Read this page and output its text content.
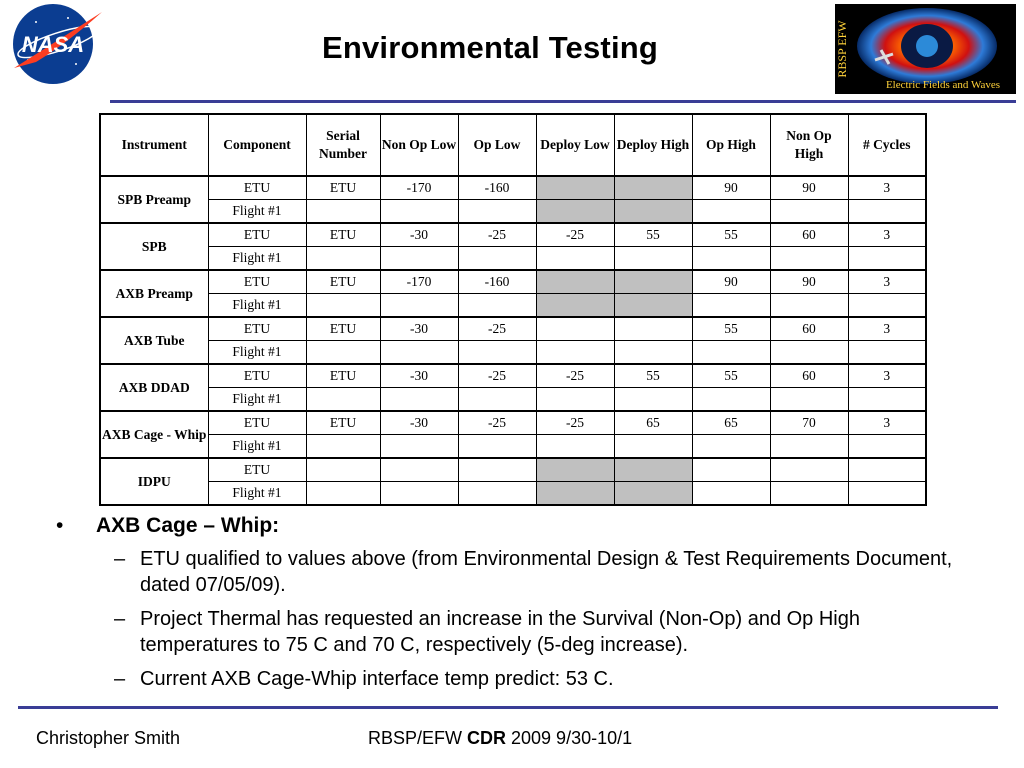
NASA	RBSP EFW
Electric Fields and Waves
Environmental Testing
Instrument	Component	Serial Number	Non Op Low	Op Low	Deploy Low	Deploy High	Op High	Non Op High	# Cycles
SPB Preamp	ETU	ETU	-170	-160			90	90	3
	Flight #1								
SPB	ETU	ETU	-30	-25	-25	55	55	60	3
	Flight #1								
AXB Preamp	ETU	ETU	-170	-160			90	90	3
	Flight #1								
AXB Tube	ETU	ETU	-30	-25			55	60	3
	Flight #1								
AXB DDAD	ETU	ETU	-30	-25	-25	55	55	60	3
	Flight #1								
AXB Cage - Whip	ETU	ETU	-30	-25	-25	65	65	70	3
	Flight #1								
IDPU	ETU								
	Flight #1								
• AXB Cage – Whip:
– ETU qualified to values above (from Environmental Design & Test Requirements Document, dated 07/05/09).
– Project Thermal has requested an increase in the Survival (Non-Op) and Op High temperatures to 75 C and 70 C, respectively (5-deg increase).
– Current AXB Cage-Whip interface temp predict: 53 C.
Christopher Smith	RBSP/EFW CDR 2009 9/30-10/1
